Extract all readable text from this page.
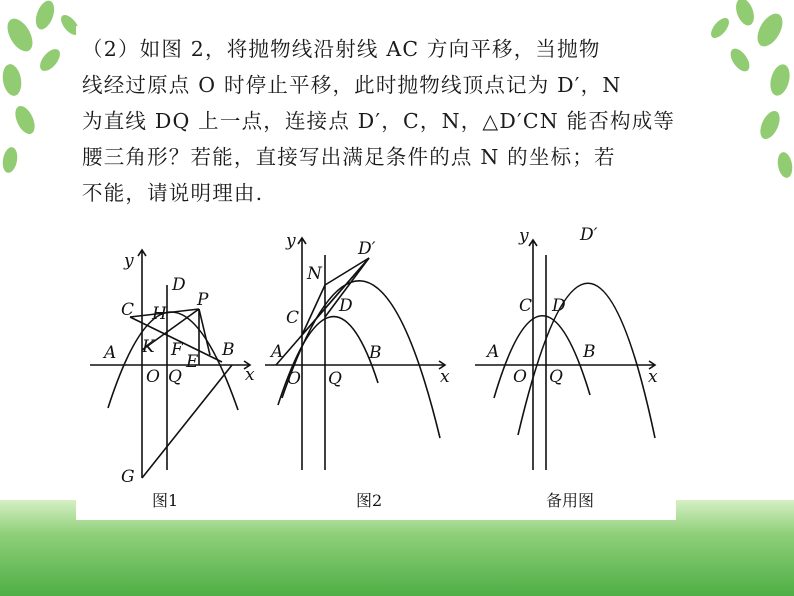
（2）如图 2，将抛物线沿射线 AC 方向平移，当抛物
线经过原点 O 时停止平移，此时抛物线顶点记为 D′，N
为直线 DQ 上一点，连接点 D′，C，N，△D′CN 能否构成等
腰三角形？若能，直接写出满足条件的点 N 的坐标；若
不能，请说明理由.
y
x
D
C H
P
A K F B
E
O Q
G
图1
y
x
D′
N
C
D
A	B
O Q
图2
y
x
D′
C D
A	B
O Q
备用图
